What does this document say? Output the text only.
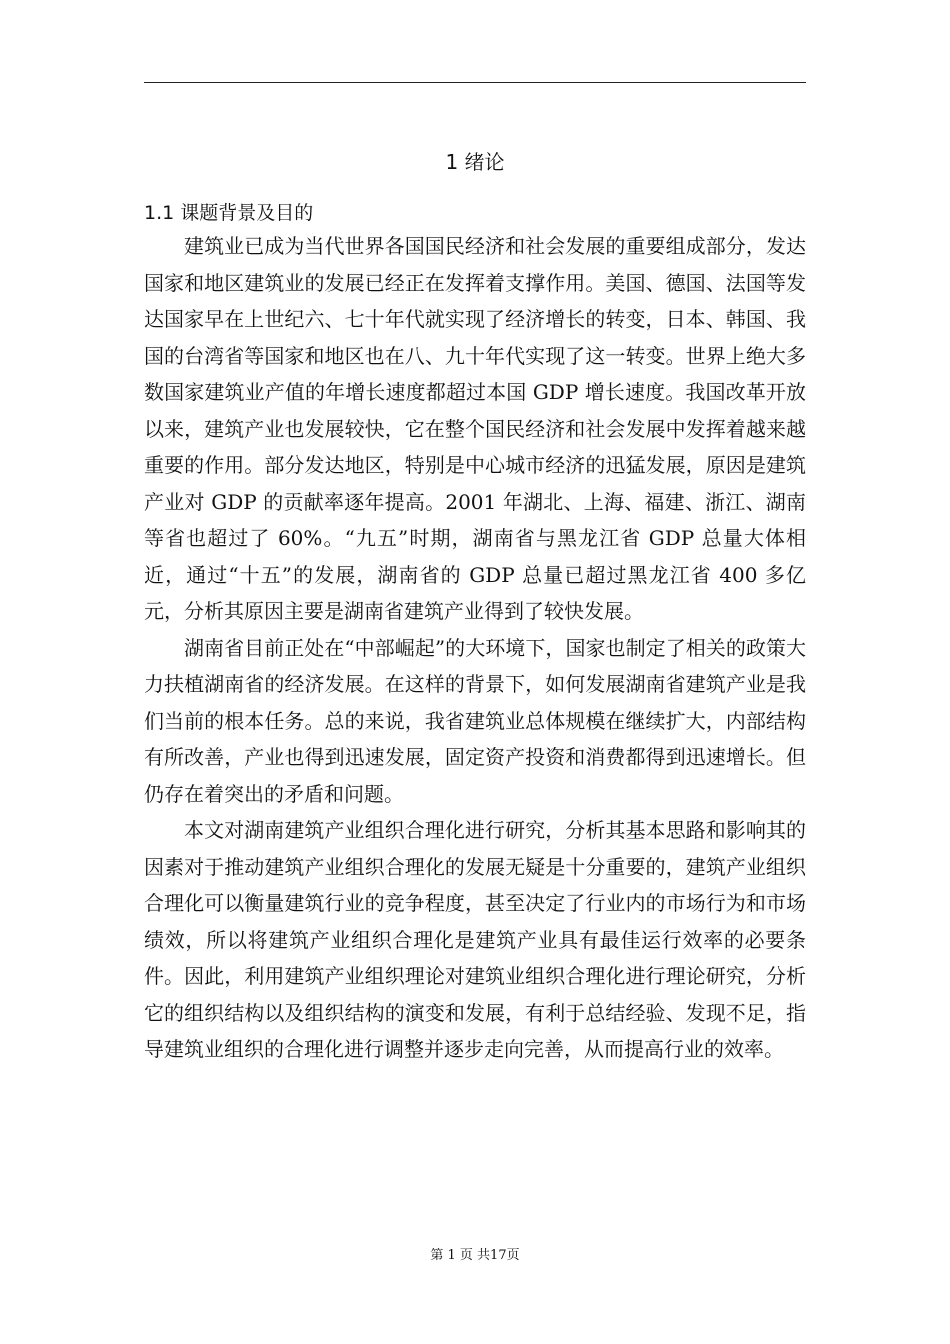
1 绪论
1.1 课题背景及目的

建筑业已成为当代世界各国国民经济和社会发展的重要组成部分，发达国家和地区建筑业的发展已经正在发挥着支撑作用。美国、德国、法国等发达国家早在上世纪六、七十年代就实现了经济增长的转变，日本、韩国、我国的台湾省等国家和地区也在八、九十年代实现了这一转变。世界上绝大多数国家建筑业产值的年增长速度都超过本国 GDP 增长速度。我国改革开放以来，建筑产业也发展较快，它在整个国民经济和社会发展中发挥着越来越重要的作用。部分发达地区，特别是中心城市经济的迅猛发展，原因是建筑产业对 GDP 的贡献率逐年提高。2001 年湖北、上海、福建、浙江、湖南等省也超过了 60%。“九五”时期，湖南省与黑龙江省 GDP 总量大体相近，通过“十五”的发展，湖南省的 GDP 总量已超过黑龙江省 400 多亿元，分析其原因主要是湖南省建筑产业得到了较快发展。

湖南省目前正处在“中部崛起”的大环境下，国家也制定了相关的政策大力扶植湖南省的经济发展。在这样的背景下，如何发展湖南省建筑产业是我们当前的根本任务。总的来说，我省建筑业总体规模在继续扩大，内部结构有所改善，产业也得到迅速发展，固定资产投资和消费都得到迅速增长。但仍存在着突出的矛盾和问题。

本文对湖南建筑产业组织合理化进行研究，分析其基本思路和影响其的因素对于推动建筑产业组织合理化的发展无疑是十分重要的，建筑产业组织合理化可以衡量建筑行业的竞争程度，甚至决定了行业内的市场行为和市场绩效，所以将建筑产业组织合理化是建筑产业具有最佳运行效率的必要条件。因此，利用建筑产业组织理论对建筑业组织合理化进行理论研究，分析它的组织结构以及组织结构的演变和发展，有利于总结经验、发现不足，指导建筑业组织的合理化进行调整并逐步走向完善，从而提高行业的效率。

第 1 页 共17页
